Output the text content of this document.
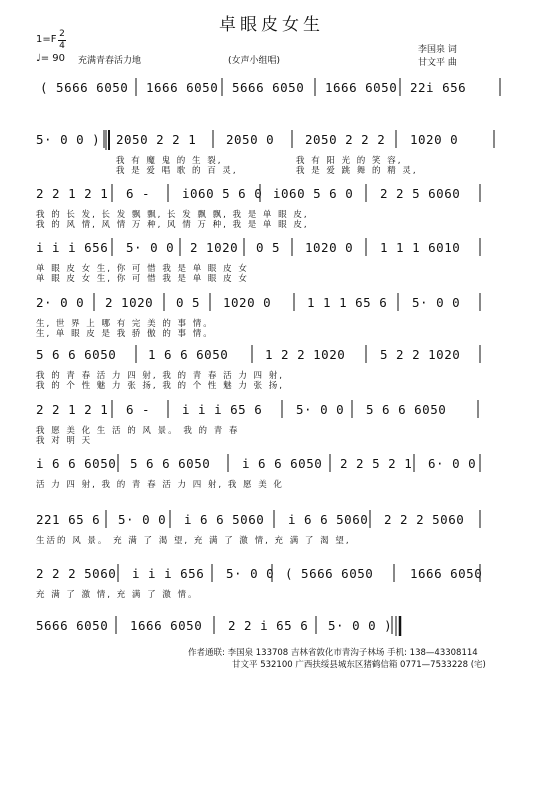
卓眼皮女生
1=F 2
4
♩= 90 充满青春活力地	(女声小组唱)
李国泉 词
甘文平 曲
( 5666 6050 1666 6050 5666 6050 1666 6050 22i 656
5· 0 0 ) 2050 2 2 1 2050 0 2050 2 2 2 1020 0
我 有 魔 鬼 的 生 裂,
我 是 爱 唱 歌 的 百 灵,
我 有 阳 光 的 笑 容,
我 是 爱 跳 舞 的 精 灵,
2 2 1 2 1 6 -	i060 5 6 0 i060 5 6 0 2 2 5 6060
我 的 长 发, 长 发 飘 飘, 长 发 飘 飘, 我 是 单 眼 皮,
我 的 风 情, 风 情 万 种, 风 情 万 种, 我 是 单 眼 皮,
i i i 656 5· 0 0 2 1020 0 5 1020 0 1 1 1 6010
单 眼 皮 女 生, 你 可 惜 我 是 单 眼 皮 女
单 眼 皮 女 生, 你 可 惜 我 是 单 眼 皮 女
2· 0 0 2 1020 0 5 1020 0	1 1 1 65 6 5· 0 0
生, 世 界 上 哪 有 完 美 的 事 情。
生, 单 眼 皮 是 我 骄 傲 的 事 情。
5 6 6 6050	1 6 6 6050	1 2 2 1020	5 2 2 1020
我 的 青 春 活 力 四 射, 我 的 青 春 活 力 四 射,
我 的 个 性 魅 力 张 扬, 我 的 个 性 魅 力 张 扬,
2 2 1 2 1 6 -	i i i 65 6	5· 0 0 5 6 6 6050
我 愿 美 化 生 活 的 风 景。 我 的 青 春
我 对 明 天
i 6 6 6050 5 6 6 6050	i 6 6 6050 2 2 5 2 1 6· 0 0
活 力 四 射, 我 的 青 春 活 力 四 射, 我 愿 美 化
221 65 6 5· 0 0 i 6 6 5060 i 6 6 5060 2 2 2 5060
生活的 风 景。 充 满 了 渴 望, 充 满 了 激 情, 充 满 了 渴 望,
2 2 2 5060 i i i 656 5· 0 0 ( 5666 6050	1666 6050
充 满 了 激 情, 充 满 了 激 情。
5666 6050 1666 6050 2 2 i 65 6 5· 0 0 )
作者通联: 李国泉 133708 吉林省敦化市青沟子林场 手机: 138—43308114
甘文平 532100 广西扶绥县城东区猪鹤信箱 0771—7533228 (宅)
